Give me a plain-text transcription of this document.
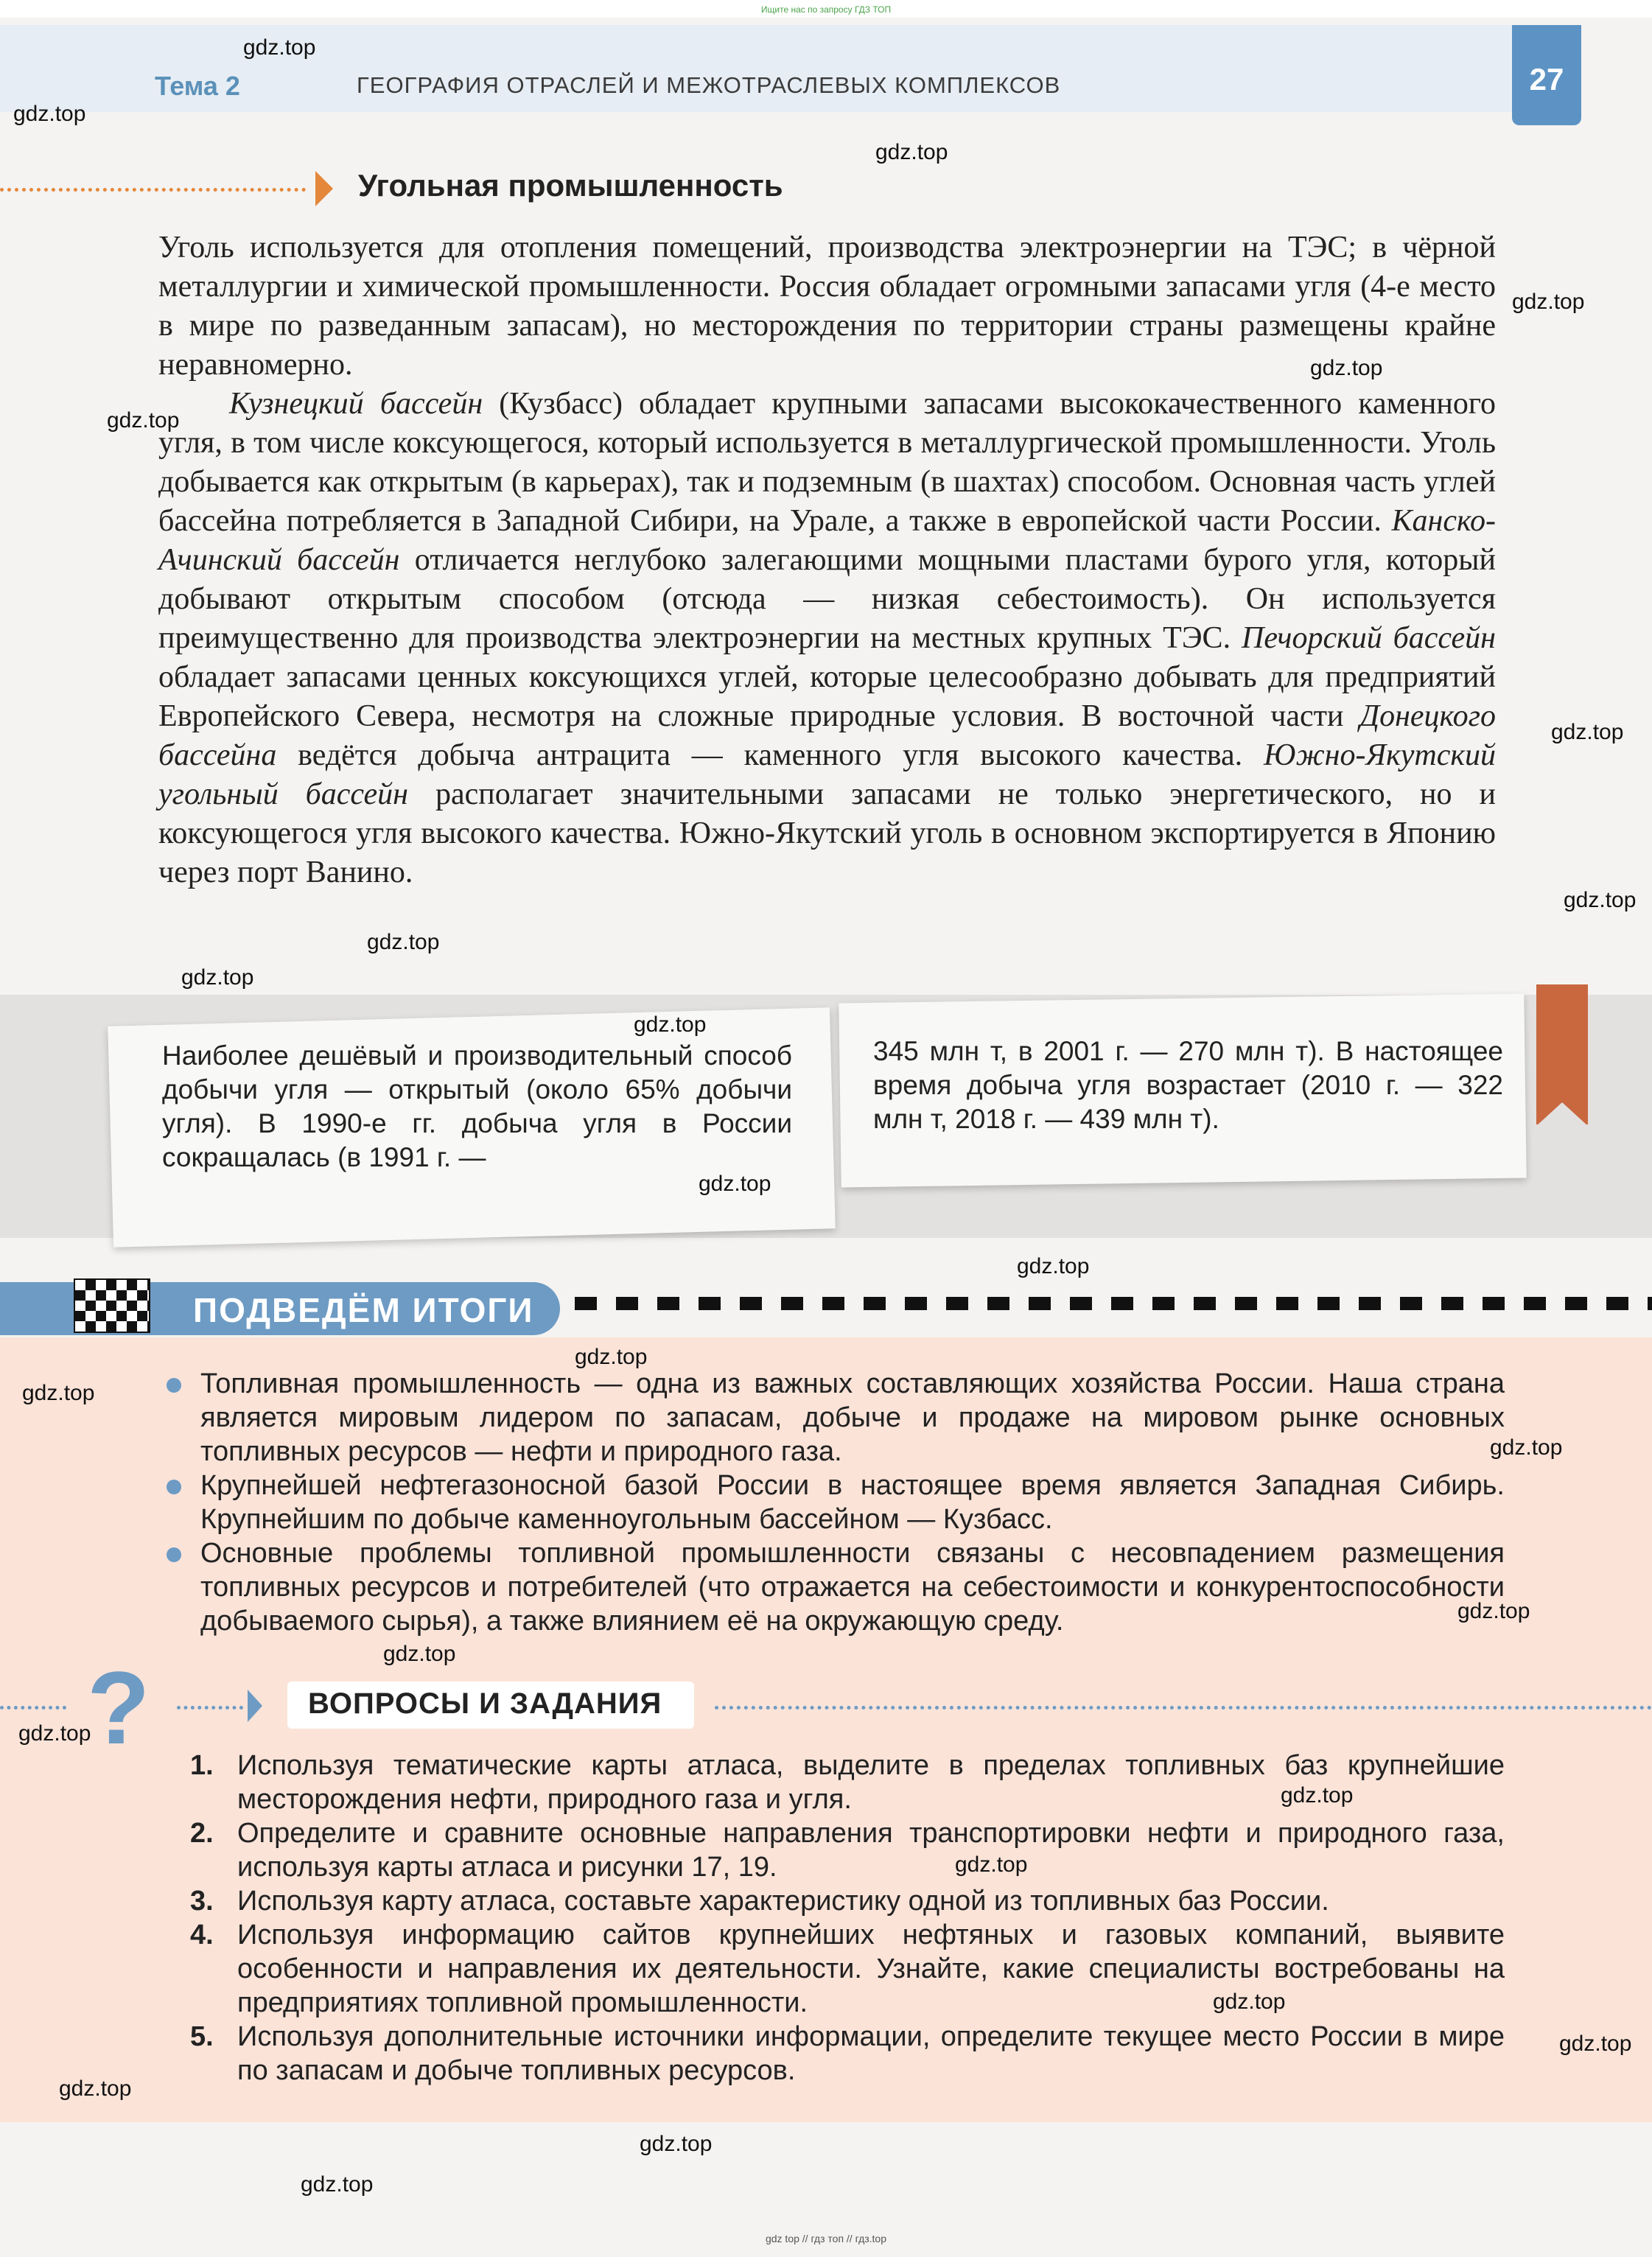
Ищите нас по запросу ГДЗ ТОП
Тема 2	ГЕОГРАФИЯ ОТРАСЛЕЙ И МЕЖОТРАСЛЕВЫХ КОМПЛЕКСОВ	27
Угольная промышленность

Уголь используется для отопления помещений, производства электроэнергии на ТЭС; в чёрной металлургии и химической промышленности. Россия обладает огромными запасами угля (4-е место в мире по разведанным запасам), но месторождения по территории страны размещены крайне неравномерно.

Кузнецкий бассейн (Кузбасс) обладает крупными запасами высококачественного каменного угля, в том числе коксующегося, который используется в металлургической промышленности. Уголь добывается как открытым (в карьерах), так и подземным (в шахтах) способом. Основная часть углей бассейна потребляется в Западной Сибири, на Урале, а также в европейской части России. Канско-Ачинский бассейн отличается неглубоко залегающими мощными пластами бурого угля, который добывают открытым способом (отсюда — низкая себестоимость). Он используется преимущественно для производства электроэнергии на местных крупных ТЭС. Печорский бассейн обладает запасами ценных коксующихся углей, которые целесообразно добывать для предприятий Европейского Севера, несмотря на сложные природные условия. В восточной части Донецкого бассейна ведётся добыча антрацита — каменного угля высокого качества. Южно-Якутский угольный бассейн располагает значительными запасами не только энергетического, но и коксующегося угля высокого качества. Южно-Якутский уголь в основном экспортируется в Японию через порт Ванино.

Наиболее дешёвый и производительный способ добычи угля — открытый (около 65% добычи угля). В 1990-е гг. добыча угля в России сокращалась (в 1991 г. —
345 млн т, в 2001 г. — 270 млн т). В настоящее время добыча угля возрастает (2010 г. — 322 млн т, 2018 г. — 439 млн т).
ПОДВЕДЁМ ИТОГИ
Топливная промышленность — одна из важных составляющих хозяйства России. Наша страна является мировым лидером по запасам, добыче и продаже на мировом рынке основных топливных ресурсов — нефти и природного газа.
Крупнейшей нефтегазоносной базой России в настоящее время является Западная Сибирь. Крупнейшим по добыче каменноугольным бассейном — Кузбасс.
Основные проблемы топливной промышленности связаны с несовпадением размещения топливных ресурсов и потребителей (что отражается на себестоимости и конкурентоспособности добываемого сырья), а также влиянием её на окружающую среду.
?	ВОПРОСЫ И ЗАДАНИЯ
1. Используя тематические карты атласа, выделите в пределах топливных баз крупнейшие месторождения нефти, природного газа и угля.
2. Определите и сравните основные направления транспортировки нефти и природного газа, используя карты атласа и рисунки 17, 19.
3. Используя карту атласа, составьте характеристику одной из топливных баз России.
4. Используя информацию сайтов крупнейших нефтяных и газовых компаний, выявите особенности и направления их деятельности. Узнайте, какие специалисты востребованы на предприятиях топливной промышленности.
5. Используя дополнительные источники информации, определите текущее место России в мире по запасам и добыче топливных ресурсов.
gdz.top
gdz.top
gdz.top
gdz.top
gdz.top
gdz.top
gdz.top
gdz.top
gdz.top
gdz.top
gdz.top
gdz.top
gdz.top
gdz.top
gdz.top
gdz.top
gdz.top
gdz.top
gdz.top
gdz.top
gdz.top
gdz.top
gdz.top
gdz.top
gdz.top
gdz.top
gdz top // гдз топ // гдз.top
